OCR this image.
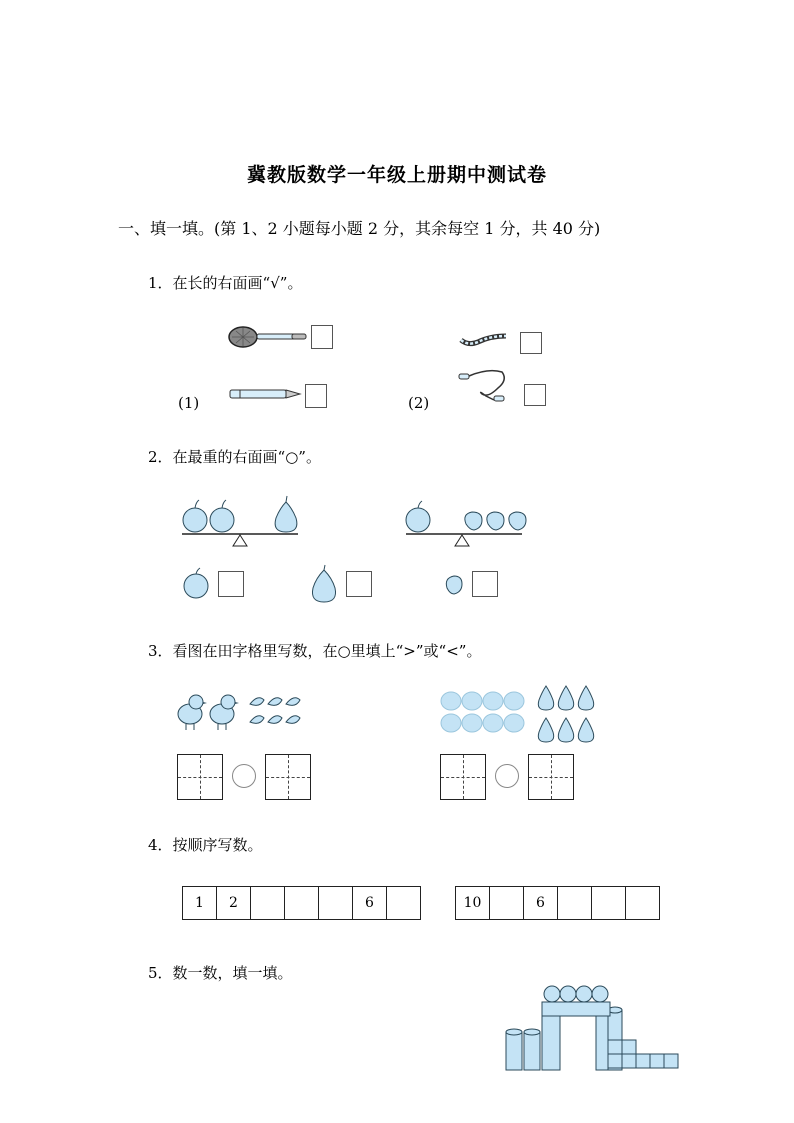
冀教版数学一年级上册期中测试卷
一、填一填。(第 1、2 小题每小题 2 分，其余每空 1 分，共 40 分)
1．在长的右面画“√”。
(1)	(2)
2．在最重的右面画“○”。
3．看图在田字格里写数，在○里填上“>”或“<”。
4．按顺序写数。
1	2	6	10	6
5．数一数，填一填。
